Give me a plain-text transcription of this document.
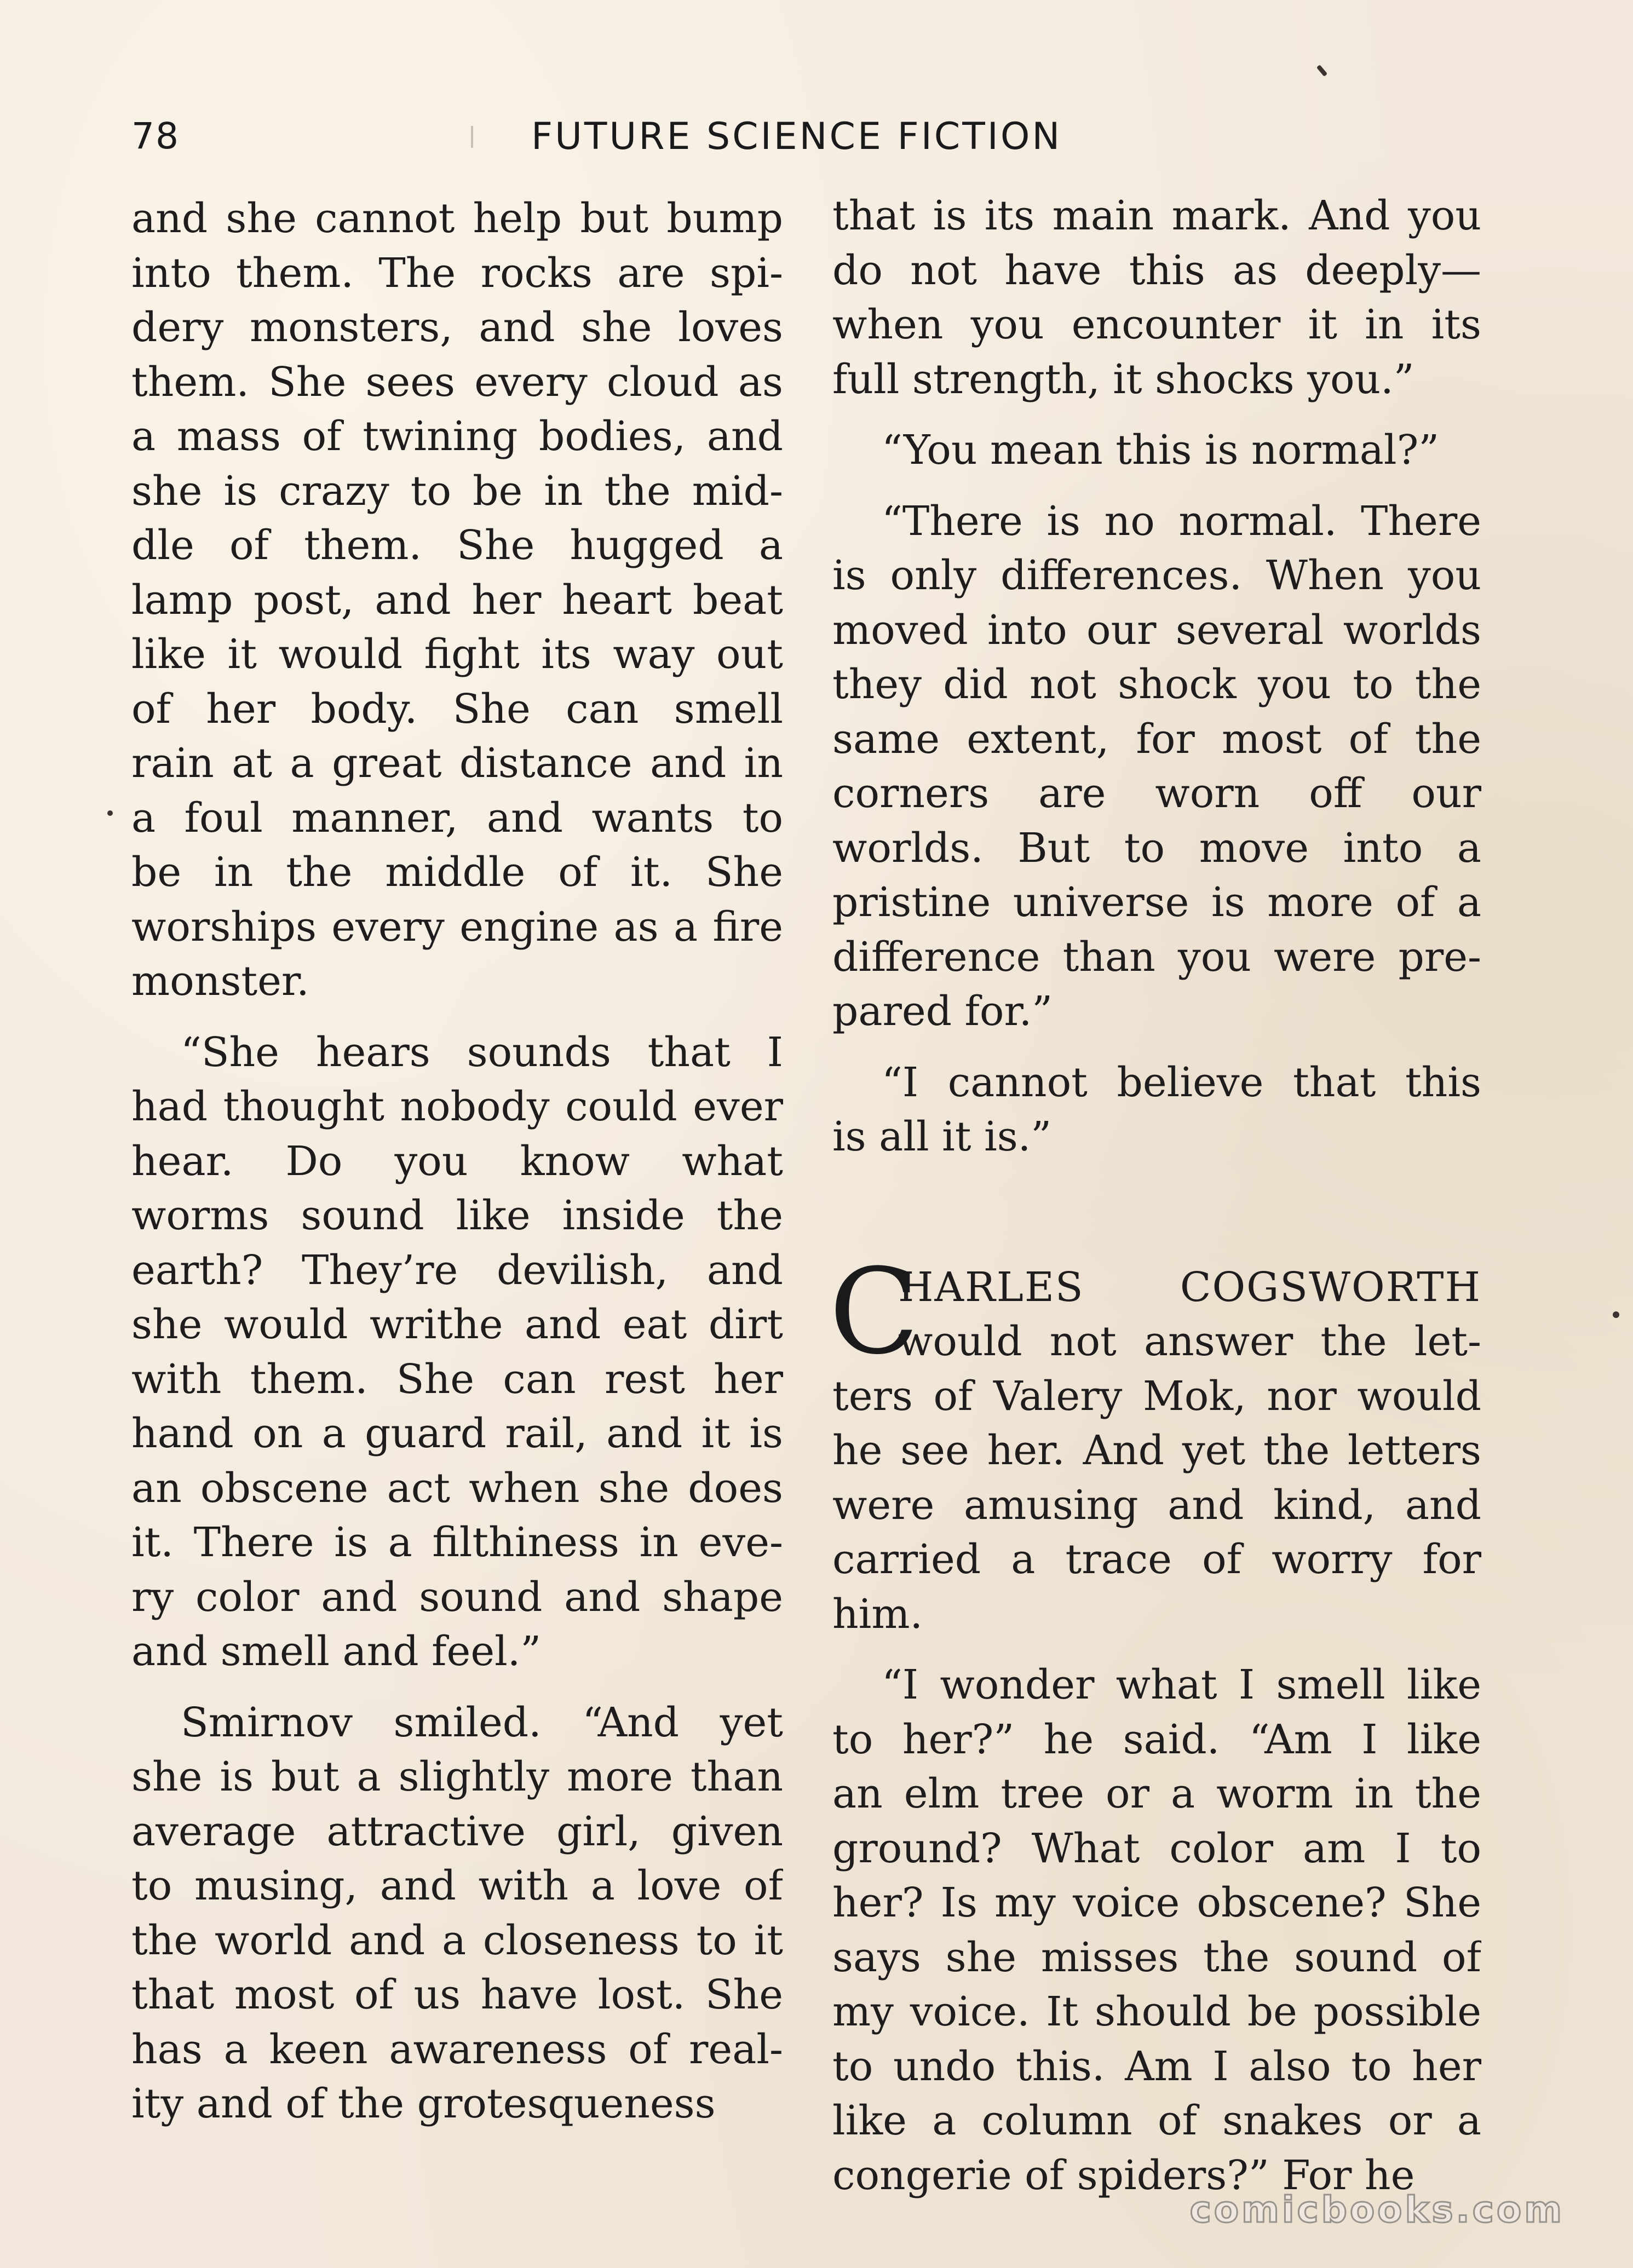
78	FUTURE SCIENCE FICTION
and she cannot help but bump
into them. The rocks are spi-
dery monsters, and she loves
them. She sees every cloud as
a mass of twining bodies, and
she is crazy to be in the mid-
dle of them. She hugged a
lamp post, and her heart beat
like it would fight its way out
of her body. She can smell
rain at a great distance and in
a foul manner, and wants to
be in the middle of it. She
worships every engine as a fire
monster.
“She hears sounds that I
had thought nobody could ever
hear. Do you know what
worms sound like inside the
earth? They’re devilish, and
she would writhe and eat dirt
with them. She can rest her
hand on a guard rail, and it is
an obscene act when she does
it. There is a filthiness in eve-
ry color and sound and shape
and smell and feel.”
Smirnov smiled. “And yet
she is but a slightly more than
average attractive girl, given
to musing, and with a love of
the world and a closeness to it
that most of us have lost. She
has a keen awareness of real-
ity and of the grotesqueness
that is its main mark. And you
do not have this as deeply—
when you encounter it in its
full strength, it shocks you.”
“You mean this is normal?”
“There is no normal. There
is only differences. When you
moved into our several worlds
they did not shock you to the
same extent, for most of the
corners are worn off our
worlds. But to move into a
pristine universe is more of a
difference than you were pre-
pared for.”
“I cannot believe that this
is all it is.”
C
HARLES COGSWORTH
would not answer the let-
ters of Valery Mok, nor would
he see her. And yet the letters
were amusing and kind, and
carried a trace of worry for
him.
“I wonder what I smell like
to her?” he said. “Am I like
an elm tree or a worm in the
ground? What color am I to
her? Is my voice obscene? She
says she misses the sound of
my voice. It should be possible
to undo this. Am I also to her
like a column of snakes or a
congerie of spiders?” For he
comicbooks.com
